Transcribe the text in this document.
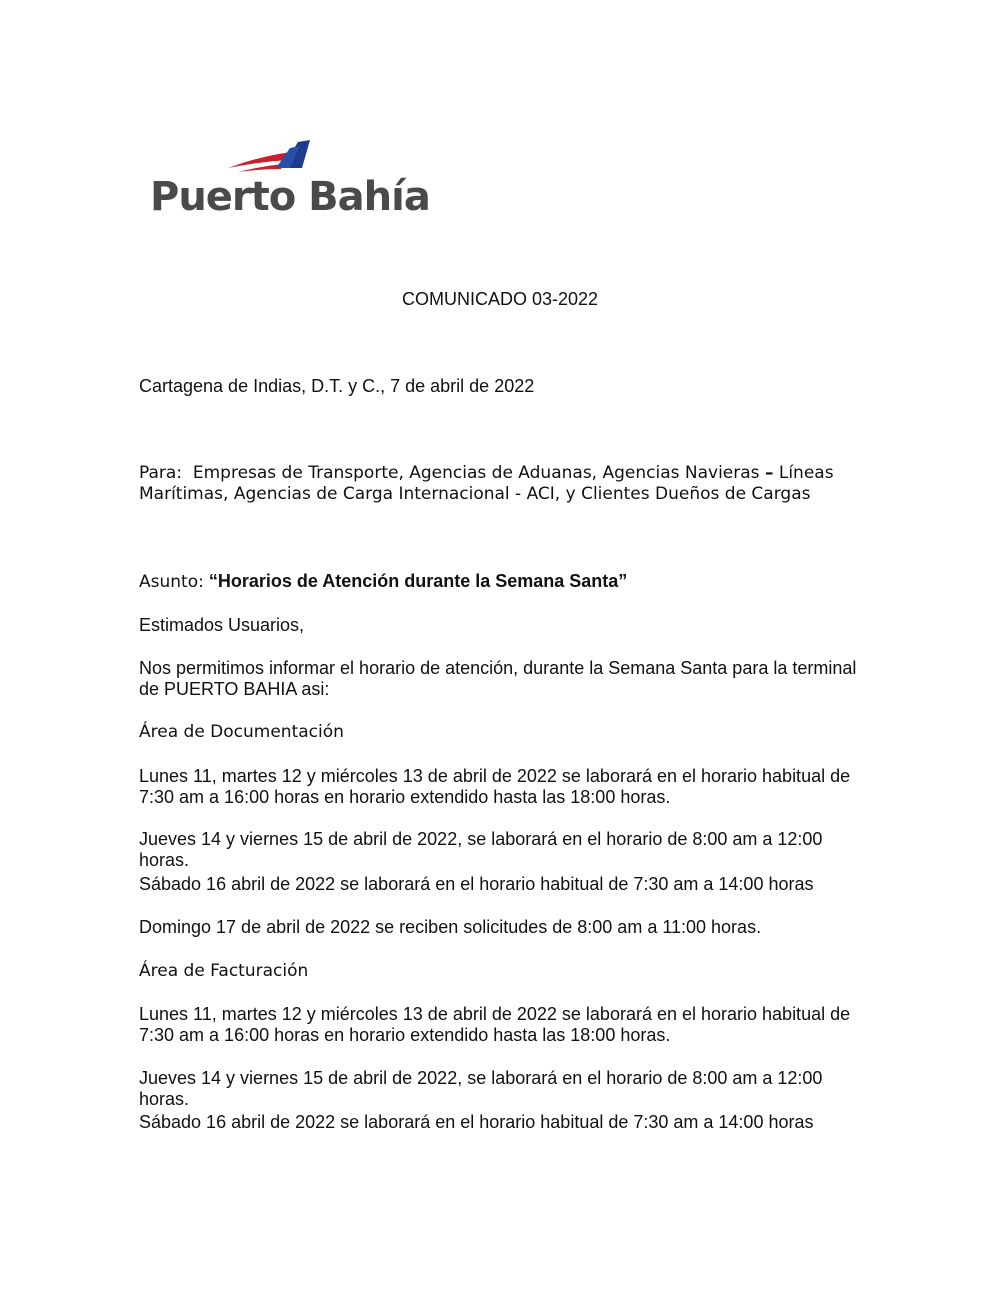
Puerto Bahía
COMUNICADO 03-2022

Cartagena de Indias, D.T. y C., 7 de abril de 2022

Para: Empresas de Transporte, Agencias de Aduanas, Agencias Navieras – Líneas
Marítimas, Agencias de Carga Internacional - ACI, y Clientes Dueños de Cargas

Asunto: “Horarios de Atención durante la Semana Santa”

Estimados Usuarios,

Nos permitimos informar el horario de atención, durante la Semana Santa para la terminal de PUERTO BAHIA asi:

Área de Documentación

Lunes 11, martes 12 y miércoles 13 de abril de 2022 se laborará en el horario habitual de 7:30 am a 16:00 horas en horario extendido hasta las 18:00 horas.

Jueves 14 y viernes 15 de abril de 2022, se laborará en el horario de 8:00 am a 12:00 horas.

Sábado 16 abril de 2022 se laborará en el horario habitual de 7:30 am a 14:00 horas

Domingo 17 de abril de 2022 se reciben solicitudes de 8:00 am a 11:00 horas.

Área de Facturación

Lunes 11, martes 12 y miércoles 13 de abril de 2022 se laborará en el horario habitual de 7:30 am a 16:00 horas en horario extendido hasta las 18:00 horas.

Jueves 14 y viernes 15 de abril de 2022, se laborará en el horario de 8:00 am a 12:00 horas.

Sábado 16 abril de 2022 se laborará en el horario habitual de 7:30 am a 14:00 horas
